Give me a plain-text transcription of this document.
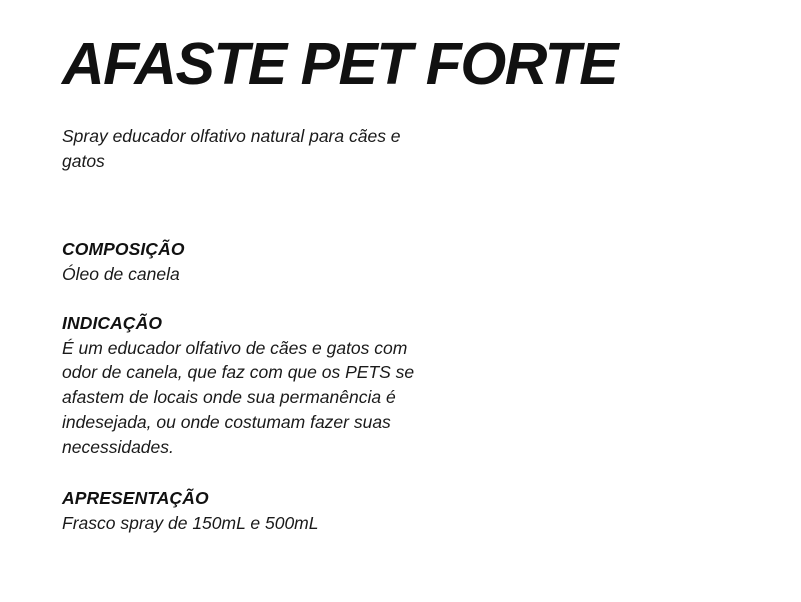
AFASTE PET FORTE

Spray educador olfativo natural para cães e gatos

COMPOSIÇÃO

Óleo de canela

INDICAÇÃO

É um educador olfativo de cães e gatos com odor de canela, que faz com que os PETS se afastem de locais onde sua permanência é indesejada, ou onde costumam fazer suas necessidades.

APRESENTAÇÃO

Frasco spray de 150mL e 500mL
